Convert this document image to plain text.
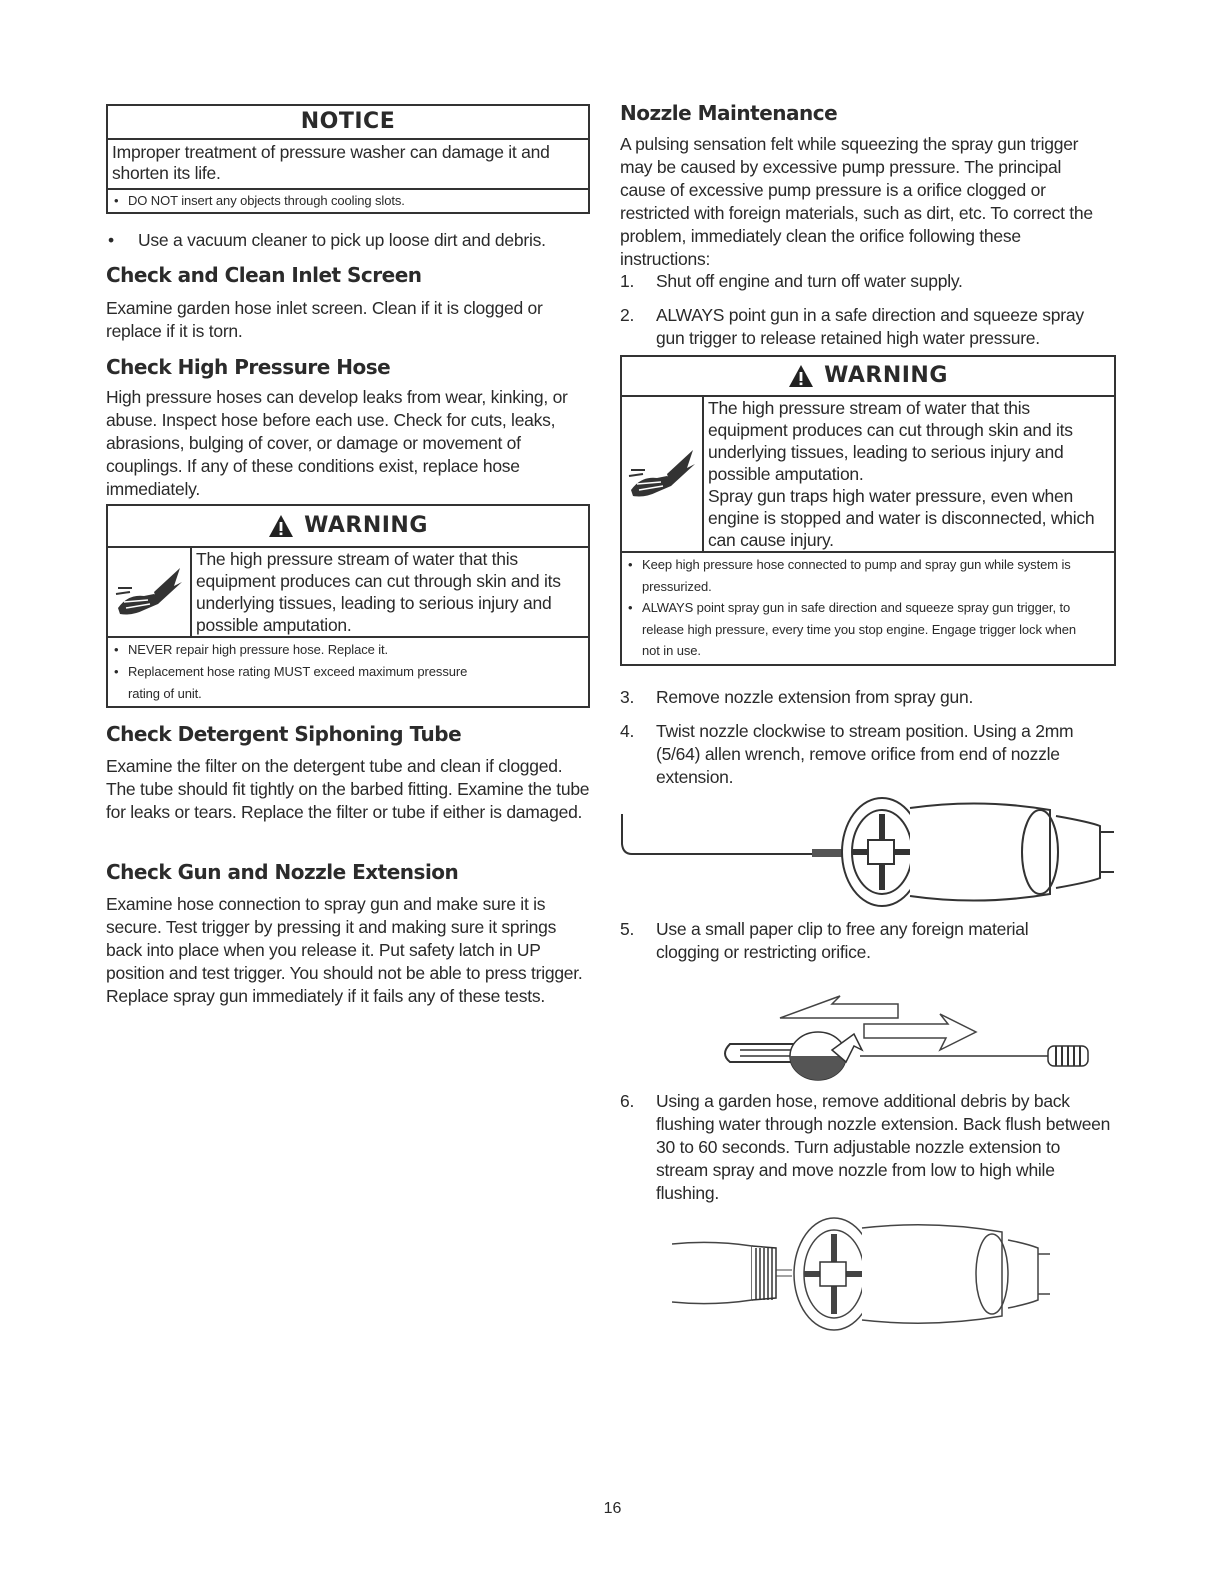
NOTICE
Improper treatment of pressure washer can damage it and shorten its life.
• DO NOT insert any objects through cooling slots.
•	Use a vacuum cleaner to pick up loose dirt and debris.
Check and Clean Inlet Screen

Examine garden hose inlet screen. Clean if it is clogged or replace if it is torn.

Check High Pressure Hose

High pressure hoses can develop leaks from wear, kinking, or abuse. Inspect hose before each use. Check for cuts, leaks, abrasions, bulging of cover, or damage or movement of couplings. If any of these conditions exist, replace hose immediately.

WARNING
The high pressure stream of water that this equipment produces can cut through skin and its underlying tissues, leading to serious injury and possible amputation.
• NEVER repair high pressure hose. Replace it.
• Replacement hose rating MUST exceed maximum pressure rating of unit.
Check Detergent Siphoning Tube

Examine the filter on the detergent tube and clean if clogged. The tube should fit tightly on the barbed fitting. Examine the tube for leaks or tears. Replace the filter or tube if either is damaged.

Check Gun and Nozzle Extension

Examine hose connection to spray gun and make sure it is secure. Test trigger by pressing it and making sure it springs back into place when you release it. Put safety latch in UP position and test trigger. You should not be able to press trigger. Replace spray gun immediately if it fails any of these tests.

Nozzle Maintenance

A pulsing sensation felt while squeezing the spray gun trigger may be caused by excessive pump pressure. The principal cause of excessive pump pressure is a orifice clogged or restricted with foreign materials, such as dirt, etc. To correct the problem, immediately clean the orifice following these instructions:

1.	Shut off engine and turn off water supply.
2.	ALWAYS point gun in a safe direction and squeeze spray gun trigger to release retained high water pressure.
WARNING
The high pressure stream of water that this equipment produces can cut through skin and its underlying tissues, leading to serious injury and possible amputation.
Spray gun traps high water pressure, even when engine is stopped and water is disconnected, which can cause injury.
• Keep high pressure hose connected to pump and spray gun while system is pressurized.
• ALWAYS point spray gun in safe direction and squeeze spray gun trigger, to release high pressure, every time you stop engine. Engage trigger lock when not in use.
3.	Remove nozzle extension from spray gun.
4.	Twist nozzle clockwise to stream position. Using a 2mm (5/64) allen wrench, remove orifice from end of nozzle extension.
5.	Use a small paper clip to free any foreign material clogging or restricting orifice.
6.	Using a garden hose, remove additional debris by back flushing water through nozzle extension. Back flush between 30 to 60 seconds. Turn adjustable nozzle extension to stream spray and move nozzle from low to high while flushing.
16
